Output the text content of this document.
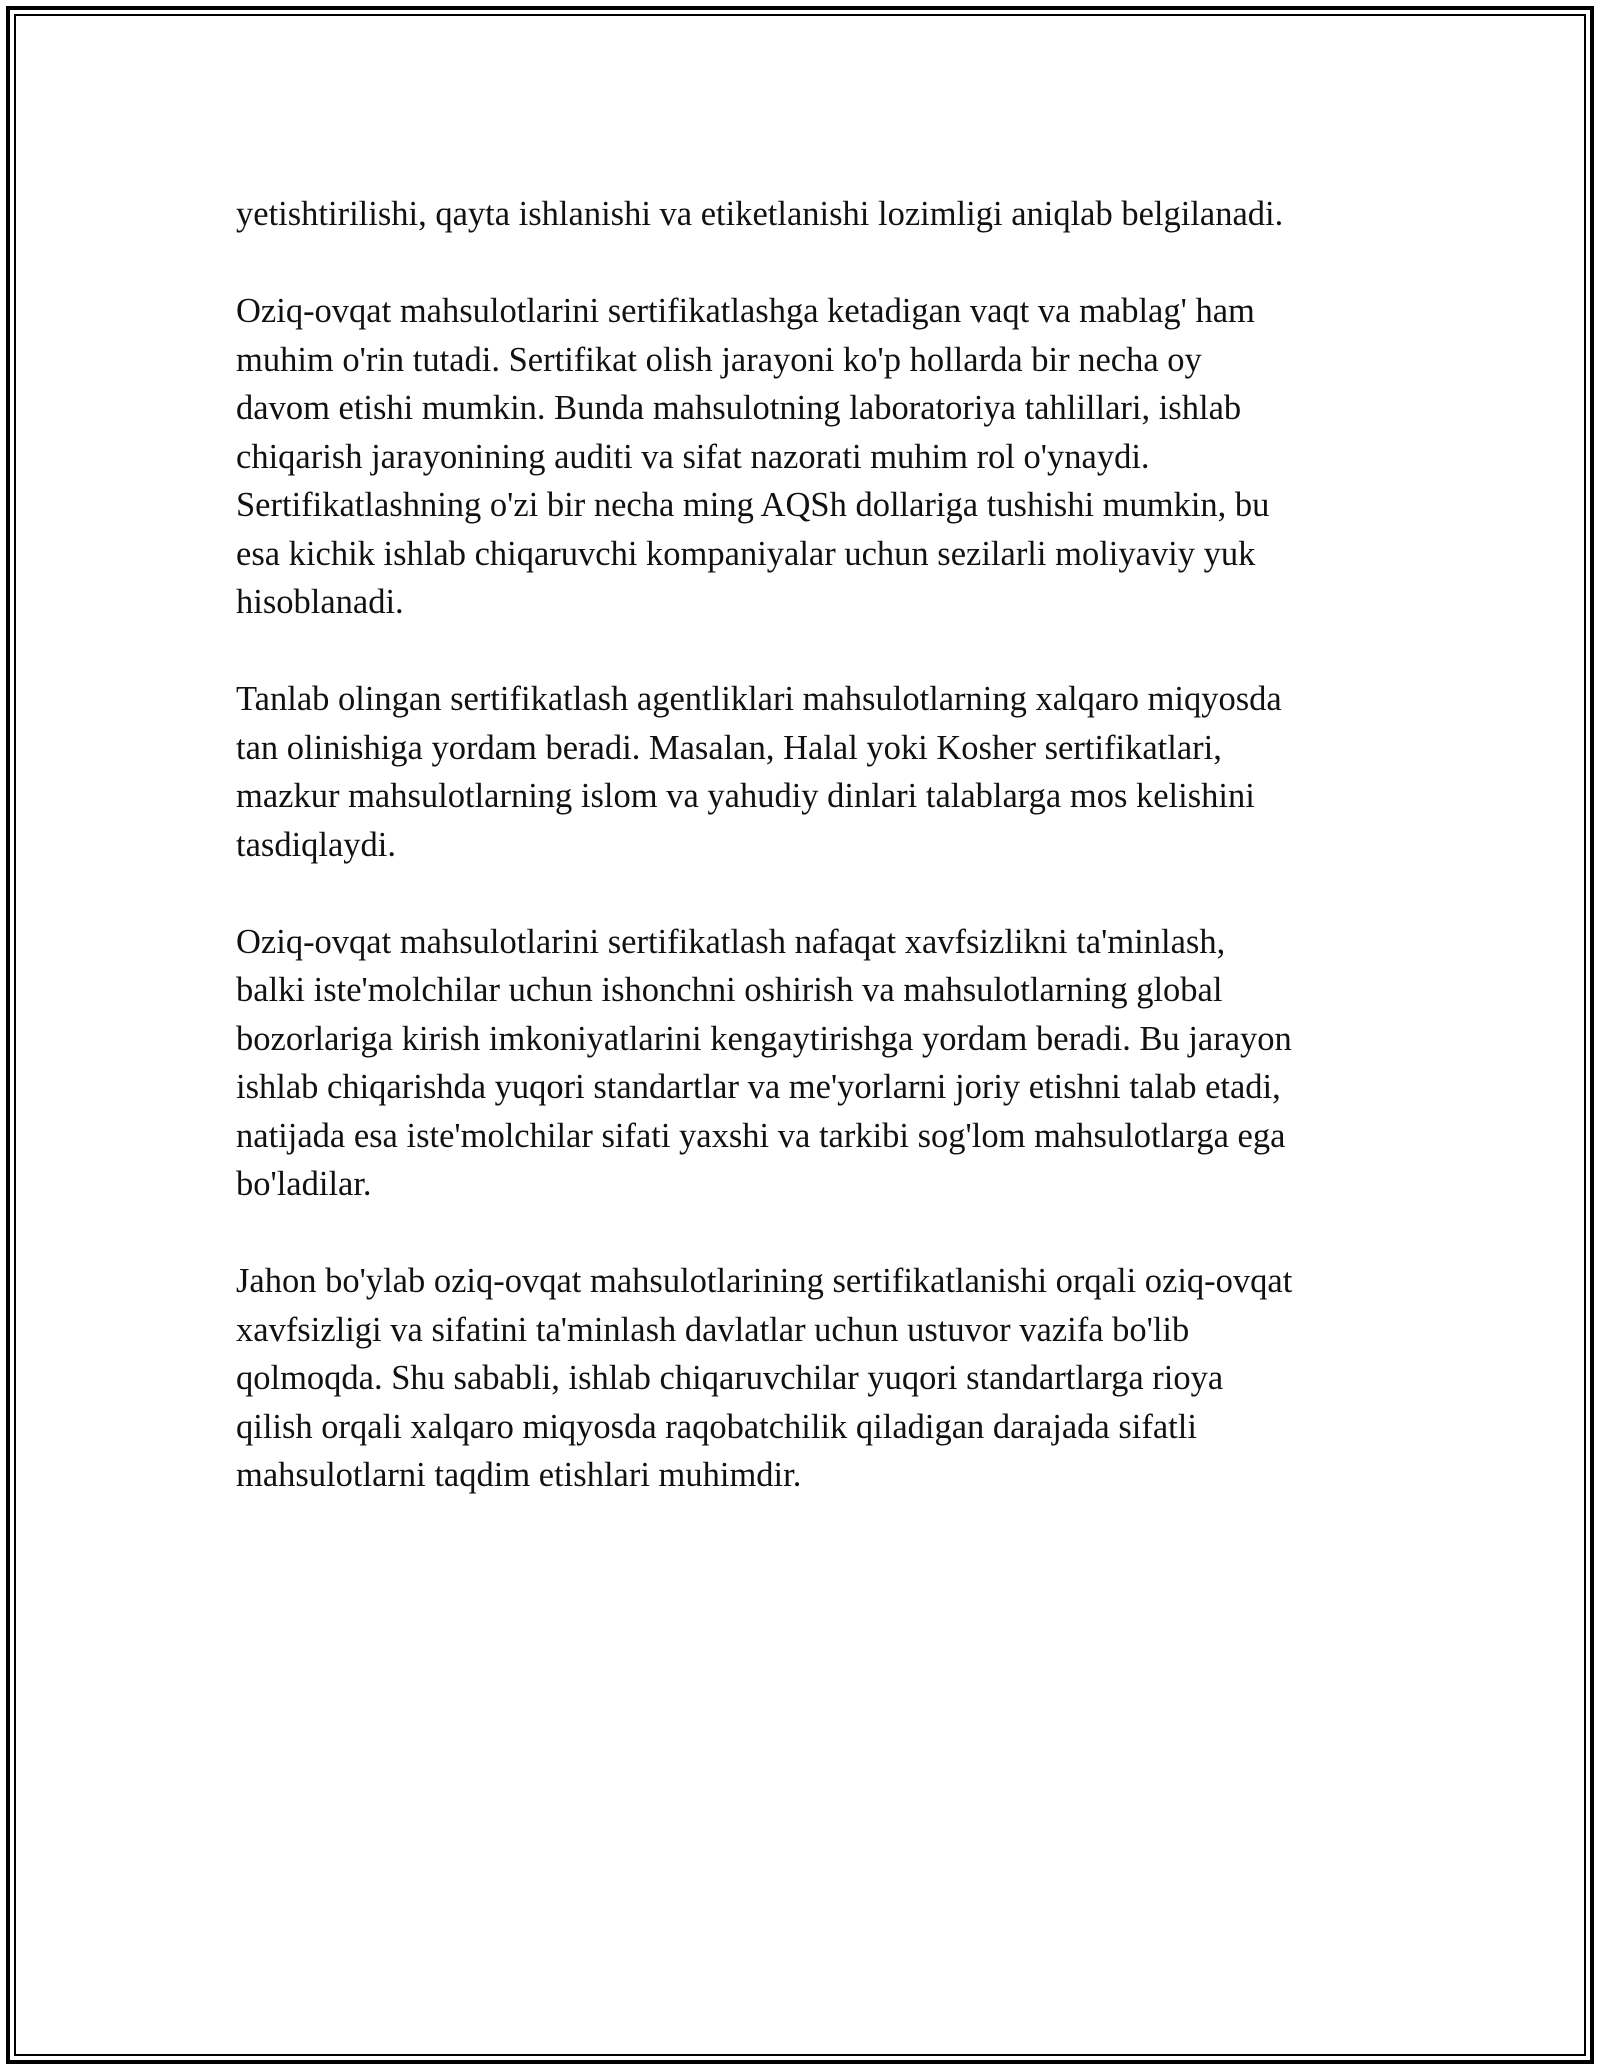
yetishtirilishi, qayta ishlanishi va etiketlanishi lozimligi aniqlab belgilanadi.

Oziq-ovqat mahsulotlarini sertifikatlashga ketadigan vaqt va mablag' ham
muhim o'rin tutadi. Sertifikat olish jarayoni ko'p hollarda bir necha oy
davom etishi mumkin. Bunda mahsulotning laboratoriya tahlillari, ishlab
chiqarish jarayonining auditi va sifat nazorati muhim rol o'ynaydi.
Sertifikatlashning o'zi bir necha ming AQSh dollariga tushishi mumkin, bu
esa kichik ishlab chiqaruvchi kompaniyalar uchun sezilarli moliyaviy yuk
hisoblanadi.

Tanlab olingan sertifikatlash agentliklari mahsulotlarning xalqaro miqyosda
tan olinishiga yordam beradi. Masalan, Halal yoki Kosher sertifikatlari,
mazkur mahsulotlarning islom va yahudiy dinlari talablarga mos kelishini
tasdiqlaydi.

Oziq-ovqat mahsulotlarini sertifikatlash nafaqat xavfsizlikni ta'minlash,
balki iste'molchilar uchun ishonchni oshirish va mahsulotlarning global
bozorlariga kirish imkoniyatlarini kengaytirishga yordam beradi. Bu jarayon
ishlab chiqarishda yuqori standartlar va me'yorlarni joriy etishni talab etadi,
natijada esa iste'molchilar sifati yaxshi va tarkibi sog'lom mahsulotlarga ega
bo'ladilar.

Jahon bo'ylab oziq-ovqat mahsulotlarining sertifikatlanishi orqali oziq-ovqat
xavfsizligi va sifatini ta'minlash davlatlar uchun ustuvor vazifa bo'lib
qolmoqda. Shu sababli, ishlab chiqaruvchilar yuqori standartlarga rioya
qilish orqali xalqaro miqyosda raqobatchilik qiladigan darajada sifatli
mahsulotlarni taqdim etishlari muhimdir.
